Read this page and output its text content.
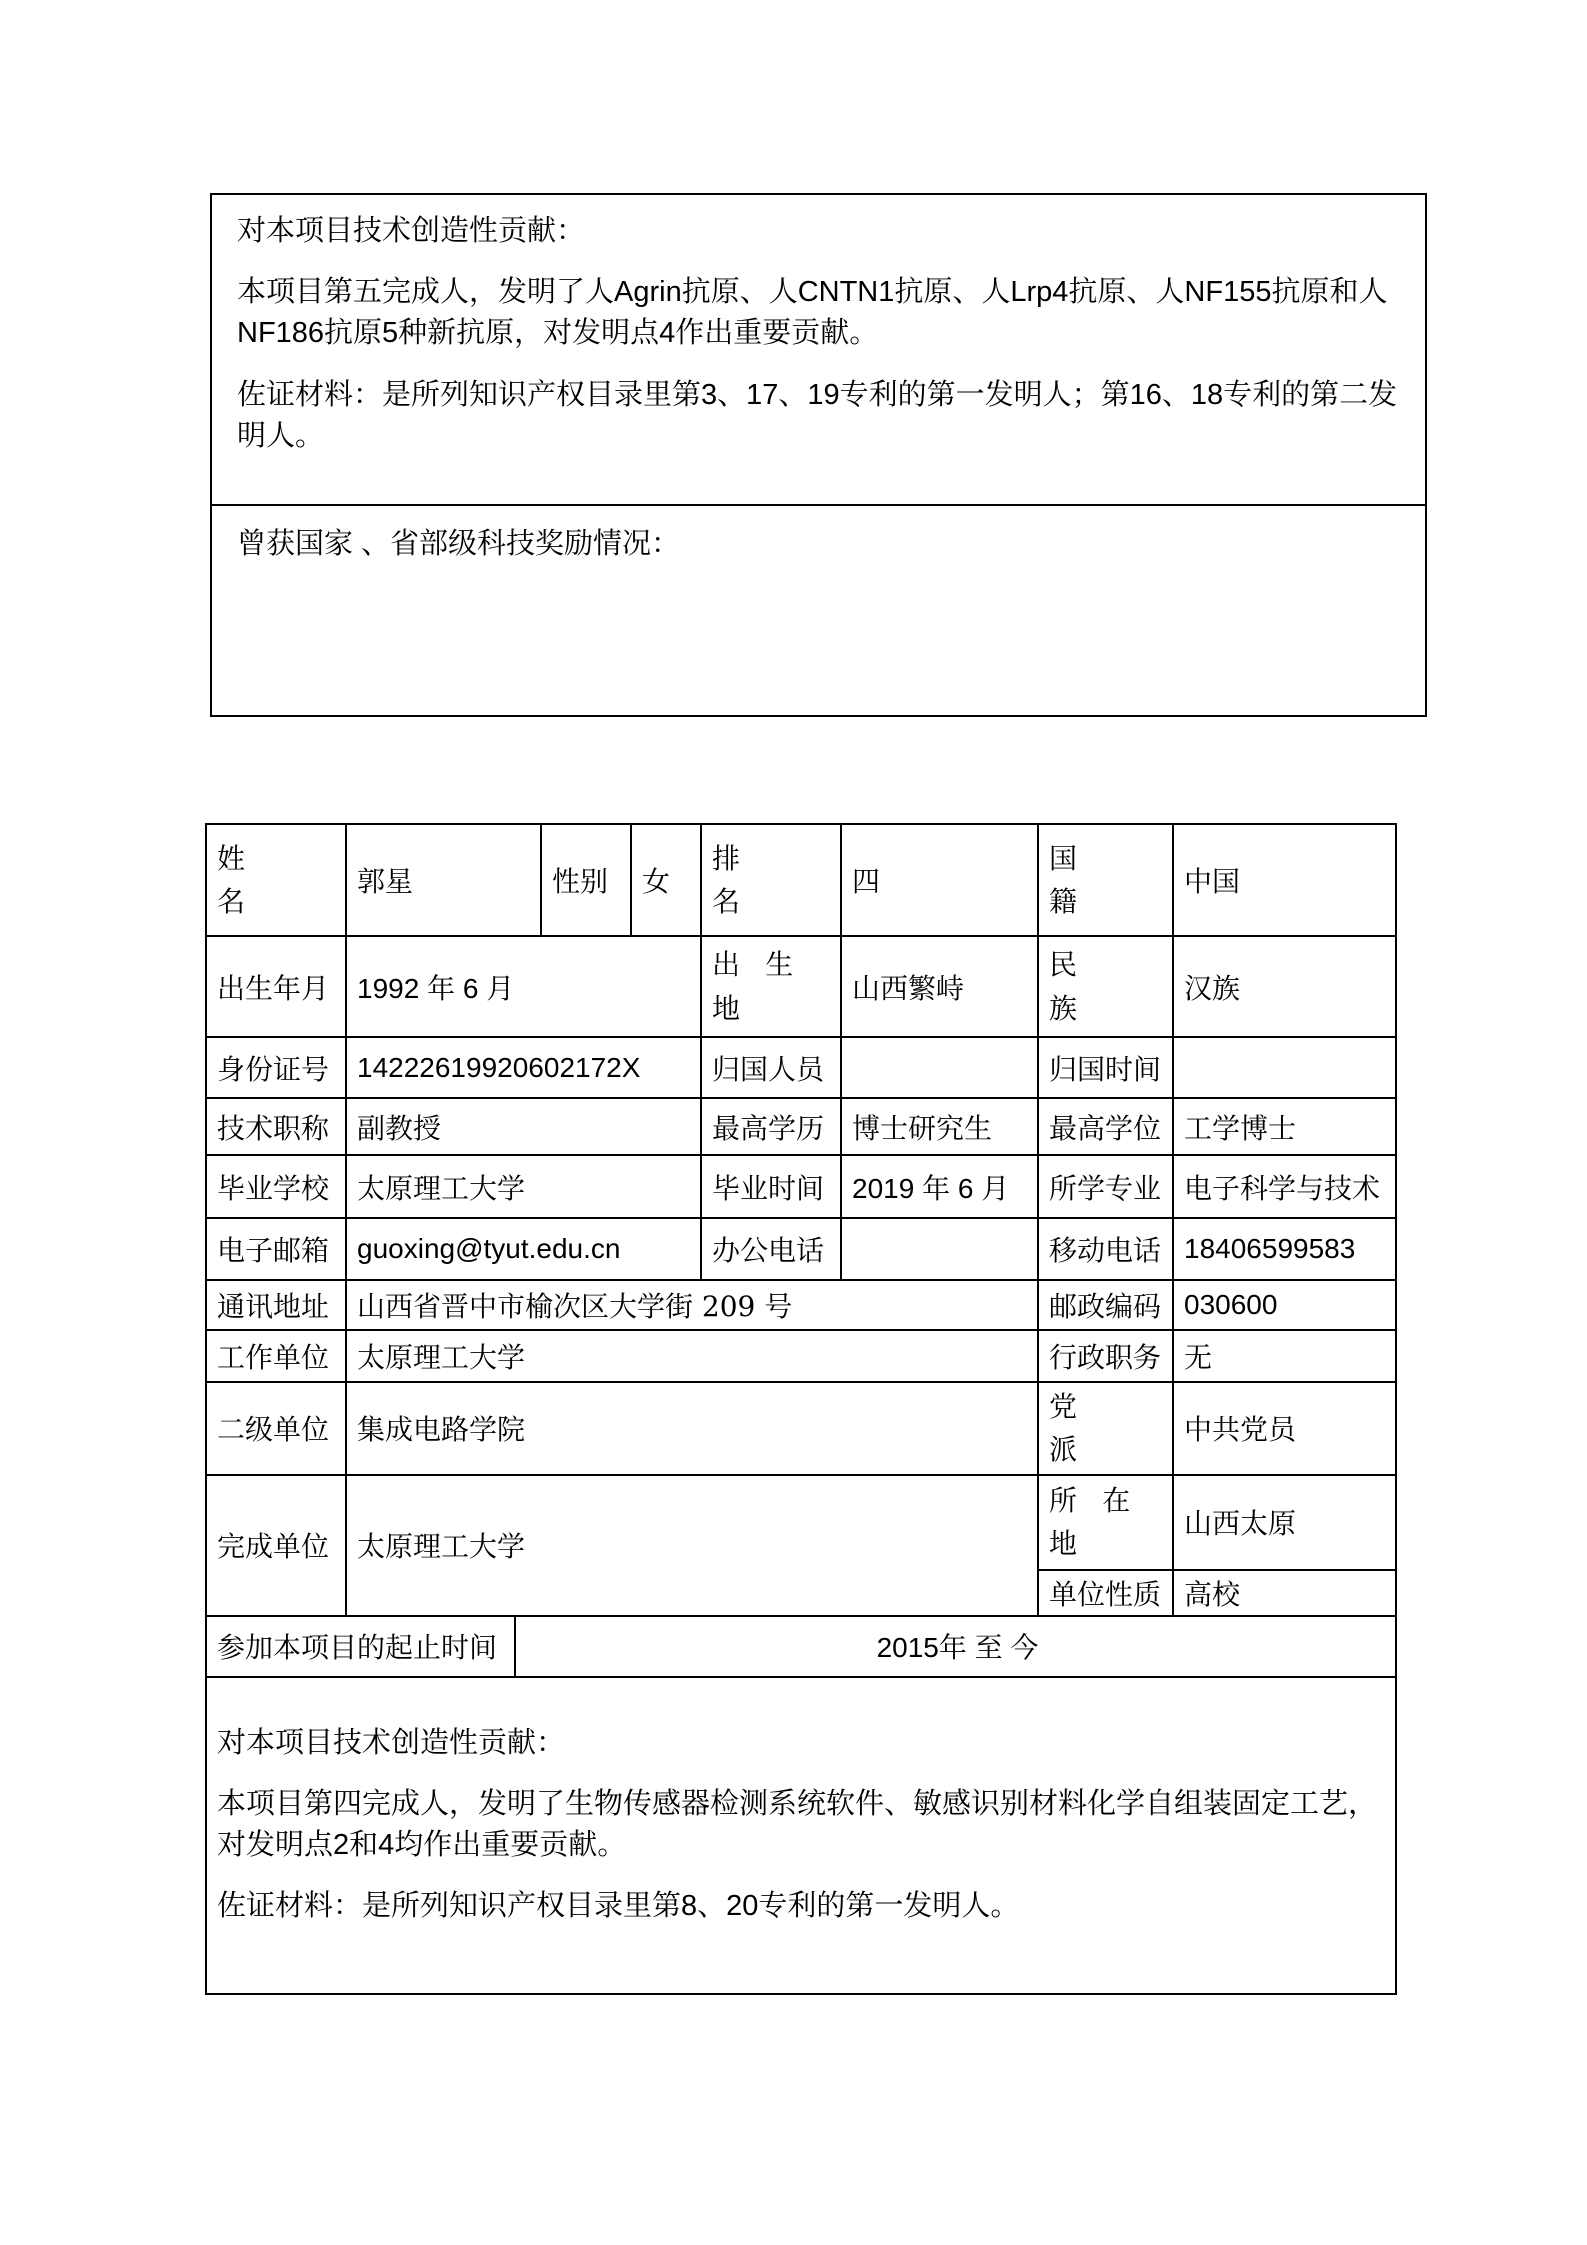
对本项目技术创造性贡献：

本项目第五完成人，发明了人Agrin抗原、人CNTN1抗原、人Lrp4抗原、人NF155抗原和人NF186抗原5种新抗原，对发明点4作出重要贡献。

佐证材料：是所列知识产权目录里第3、17、19专利的第一发明人；第16、18专利的第二发明人。

曾获国家 、省部级科技奖励情况：

姓名	郭星		性别	女	排名	四	国籍	中国
出生年月	1992 年 6 月				出生地	山西繁峙	民族	汉族
身份证号	14222619920602172X				归国人员		归国时间	
技术职称	副教授				最高学历	博士研究生	最高学位	工学博士
毕业学校	太原理工大学				毕业时间	2019 年 6 月	所学专业	电子科学与技术
电子邮箱	guoxing@tyut.edu.cn				办公电话		移动电话	18406599583
通讯地址	山西省晋中市榆次区大学街 209 号						邮政编码	030600
工作单位	太原理工大学						行政职务	无
二级单位	集成电路学院						党派	中共党员
完成单位	太原理工大学						所在地	山西太原
							单位性质	高校
参加本项目的起止时间		2015年 至 今						

对本项目技术创造性贡献：

本项目第四完成人，发明了生物传感器检测系统软件、敏感识别材料化学自组装固定工艺，对发明点2和4均作出重要贡献。

佐证材料：是所列知识产权目录里第8、20专利的第一发明人。								
